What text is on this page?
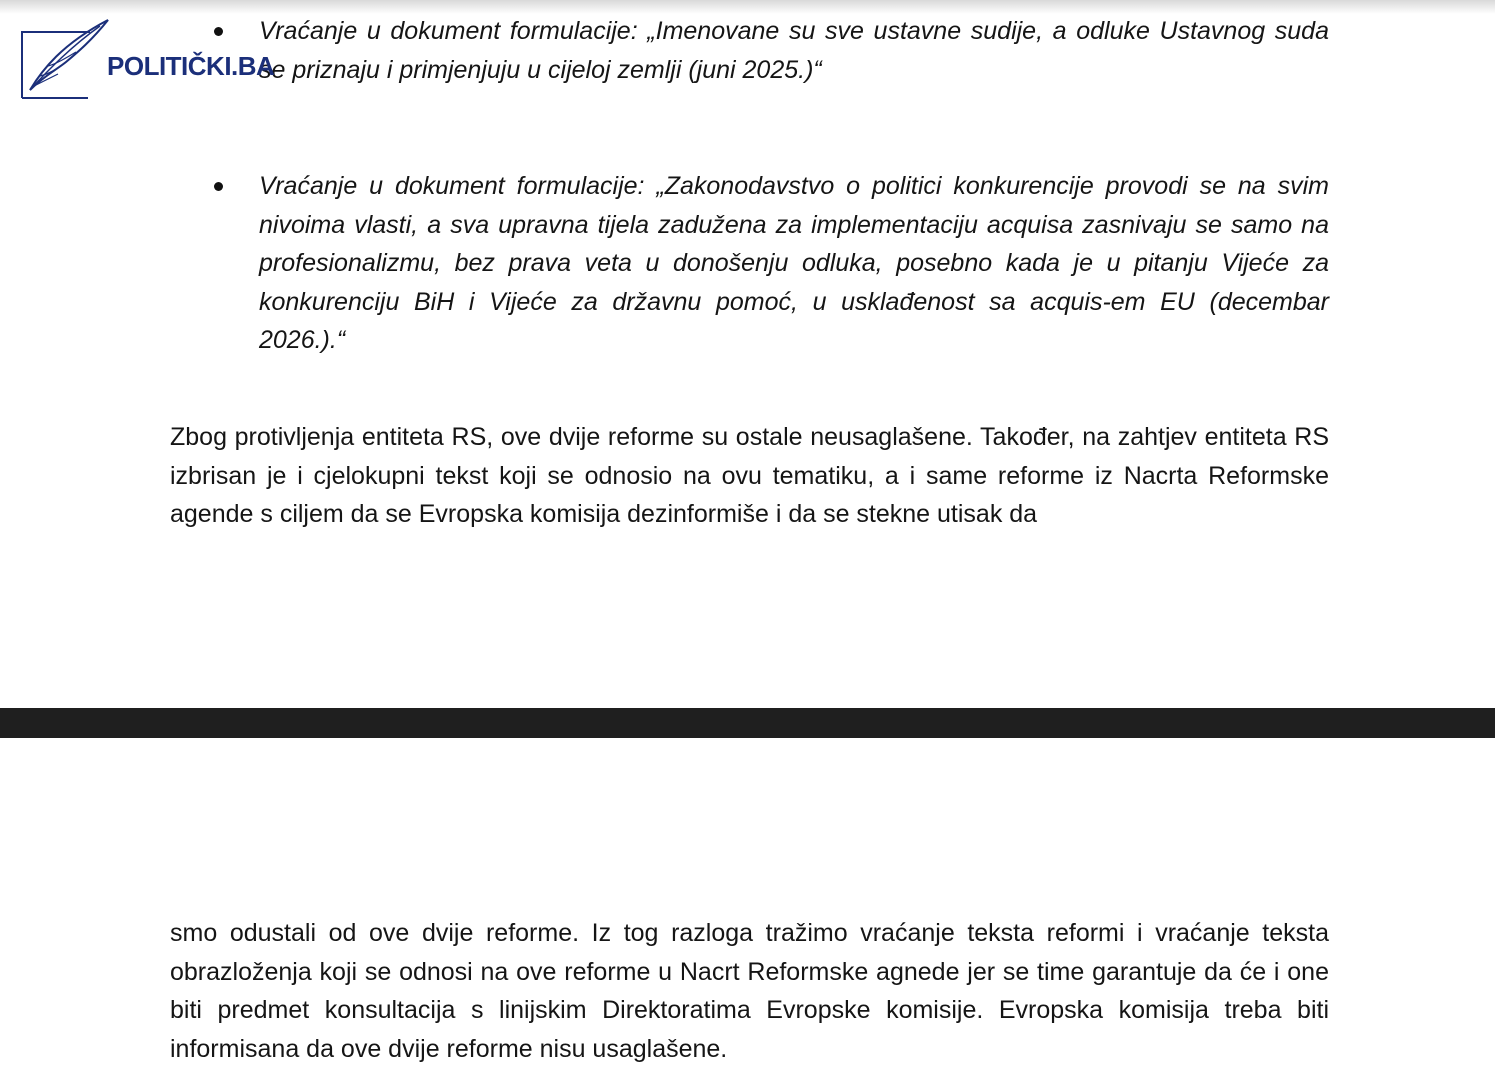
POLITIČKI.BA

Vraćanje u dokument formulacije: „Imenovane su sve ustavne sudije, a odluke Ustavnog suda se priznaju i primjenjuju u cijeloj zemlji (juni 2025.)“

Vraćanje u dokument formulacije: „Zakonodavstvo o politici konkurencije provodi se na svim nivoima vlasti, a sva upravna tijela zadužena za implementaciju acquisa zasnivaju se samo na profesionalizmu, bez prava veta u donošenju odluka, posebno kada je u pitanju Vijeće za konkurenciju BiH i Vijeće za državnu pomoć, u usklađenost sa acquis-em EU (decembar 2026.).“

Zbog protivljenja entiteta RS, ove dvije reforme su ostale neusaglašene. Također, na zahtjev entiteta RS izbrisan je i cjelokupni tekst koji se odnosio na ovu tematiku, a i same reforme iz Nacrta Reformske agende s ciljem da se Evropska komisija dezinformiše i da se stekne utisak da

smo odustali od ove dvije reforme. Iz tog razloga tražimo vraćanje teksta reformi i vraćanje teksta obrazloženja koji se odnosi na ove reforme u Nacrt Reformske agnede jer se time garantuje da će i one biti predmet konsultacija s linijskim Direktoratima Evropske komisije. Evropska komisija treba biti informisana da ove dvije reforme nisu usaglašene.
